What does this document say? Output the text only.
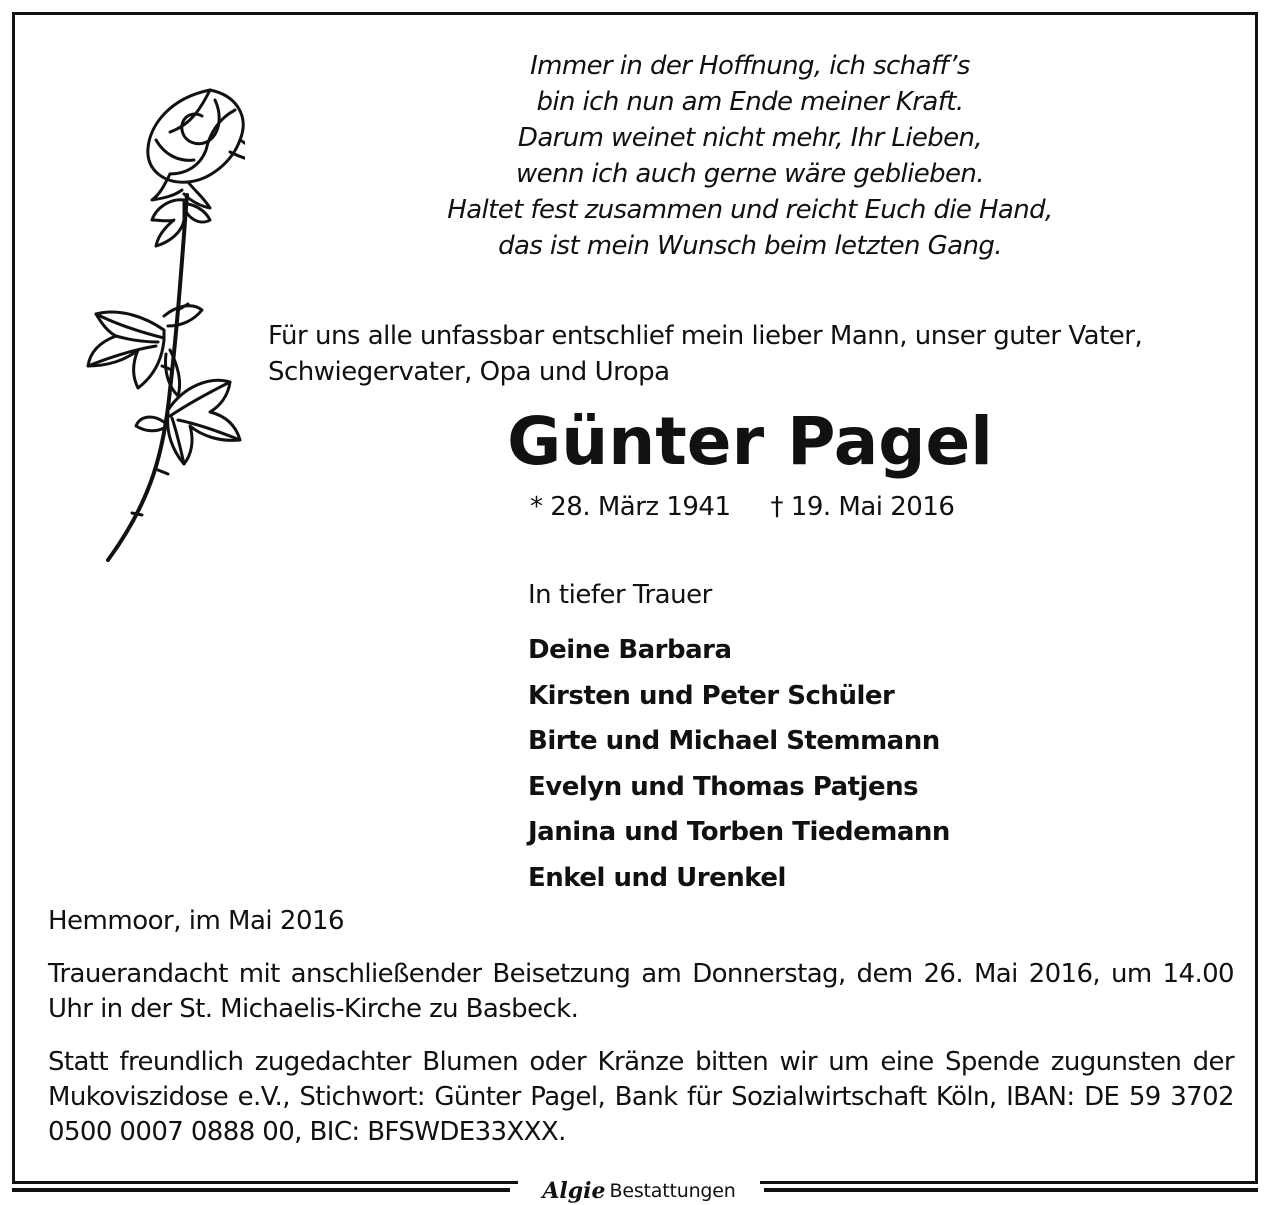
Immer in der Hoffnung, ich schaff’s
bin ich nun am Ende meiner Kraft.
Darum weinet nicht mehr, Ihr Lieben,
wenn ich auch gerne wäre geblieben.
Haltet fest zusammen und reicht Euch die Hand,
das ist mein Wunsch beim letzten Gang.
Für uns alle unfassbar entschlief mein lieber Mann, unser guter Vater,
Schwiegervater, Opa und Uropa
Günter Pagel
* 28. März 1941 † 19. Mai 2016
In tiefer Trauer
Deine Barbara
Kirsten und Peter Schüler
Birte und Michael Stemmann
Evelyn und Thomas Patjens
Janina und Torben Tiedemann
Enkel und Urenkel
Hemmoor, im Mai 2016
Trauerandacht mit anschließender Beisetzung am Donnerstag, dem 26. Mai 2016, um 14.00 Uhr in der St. Michaelis-Kirche zu Basbeck.
Statt freundlich zugedachter Blumen oder Kränze bitten wir um eine Spende zugunsten der Mukoviszidose e.V., Stichwort: Günter Pagel, Bank für Sozialwirtschaft Köln, IBAN: DE 59 3702 0500 0007 0888 00, BIC: BFSWDE33XXX.
Algie Bestattungen
